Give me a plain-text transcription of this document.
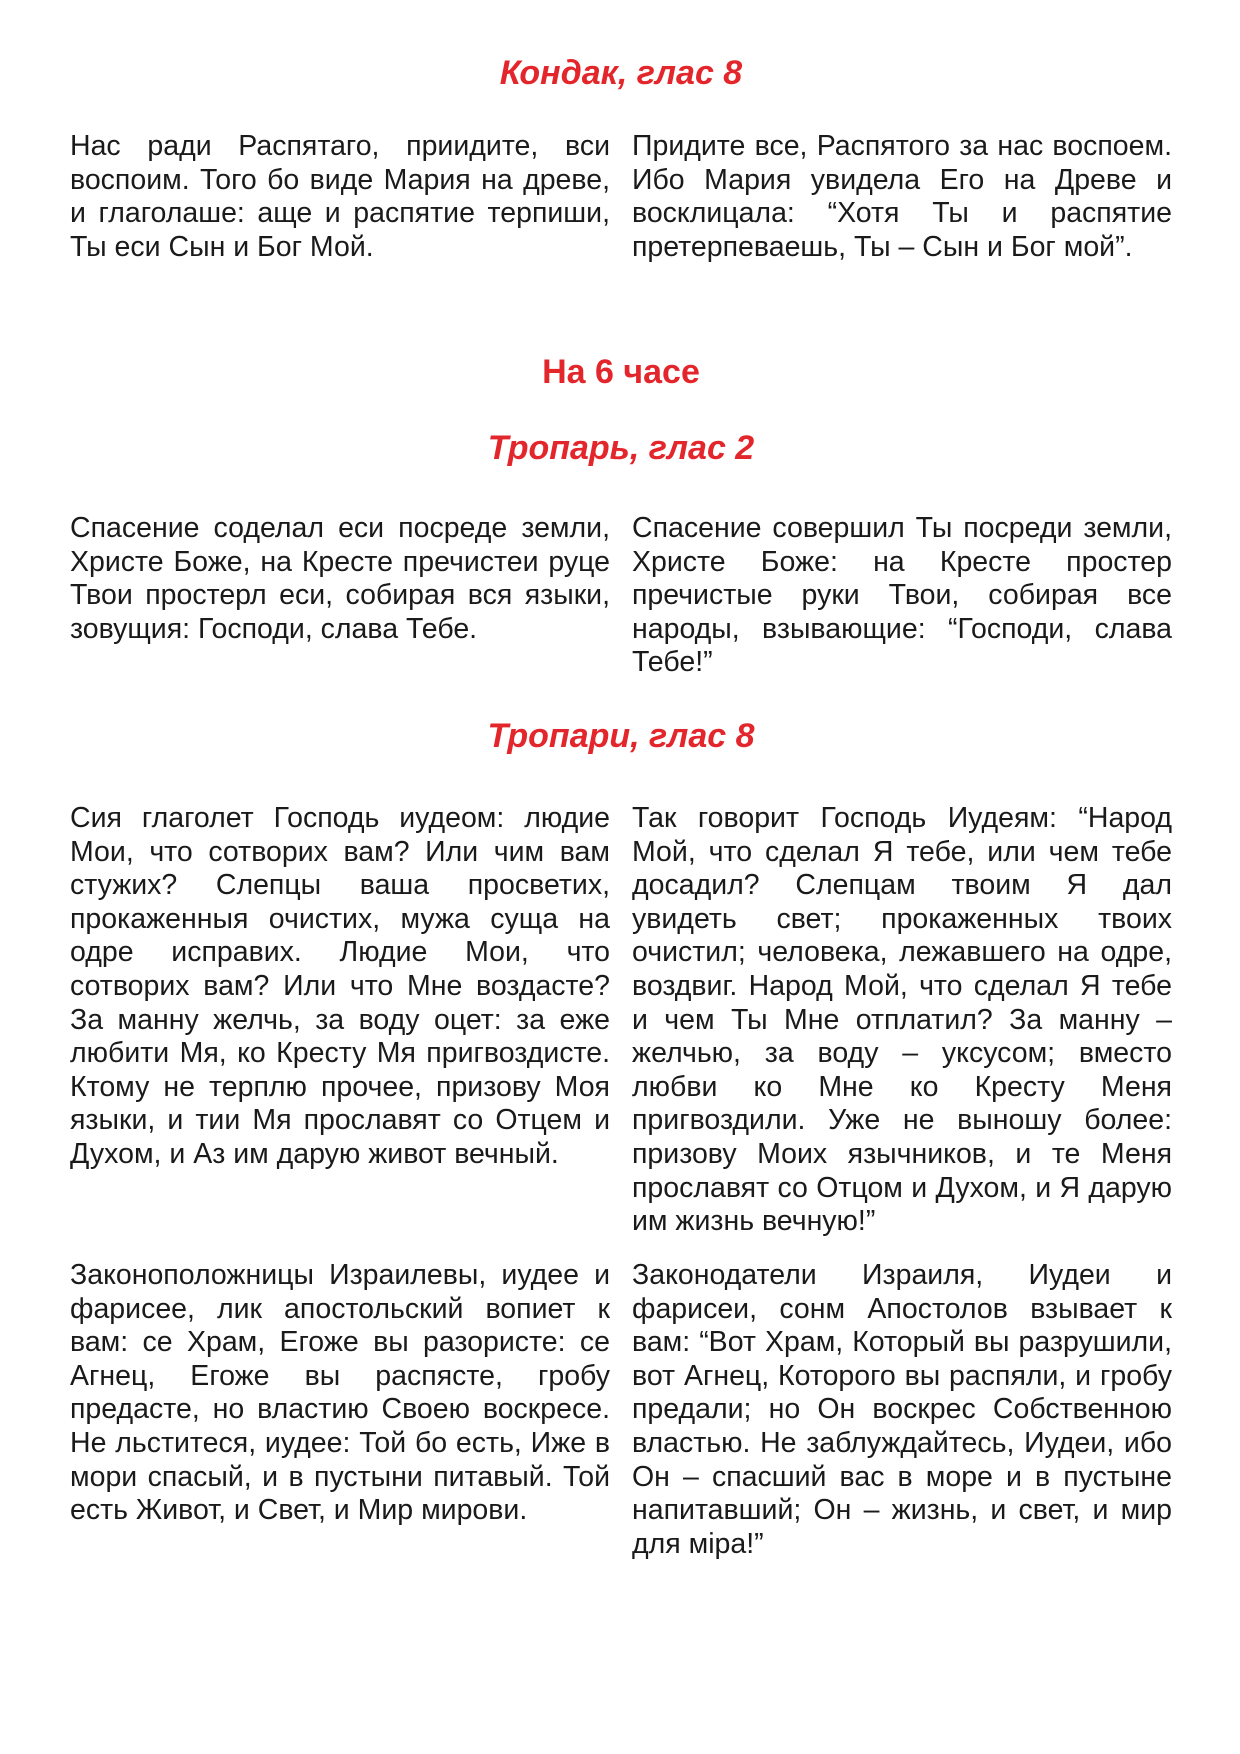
Кондак, глас 8

Нас ради Распятаго, приидите, вси воспоим. Того бо виде Мария на древе, и глаголаше: аще и распятие терпиши, Ты еси Сын и Бог Мой.

Придите все, Распятого за нас воспоем. Ибо Мария увидела Его на Древе и восклицала: “Хотя Ты и распятие претерпеваешь, Ты – Сын и Бог мой”.

На 6 часе
Тропарь, глас 2

Спасение соделал еси посреде земли, Христе Боже, на Кресте пречистеи руце Твои простерл еси, собирая вся языки, зовущия: Господи, слава Тебе.

Спасение совершил Ты посреди земли, Христе Боже: на Кресте простер пречистые руки Твои, собирая все народы, взывающие: “Господи, слава Тебе!”

Тропари, глас 8

Сия глаголет Господь иудеом: людие Мои, что сотворих вам? Или чим вам стужих? Слепцы ваша просветих, прокаженныя очистих, мужа суща на одре исправих. Людие Мои, что сотворих вам? Или что Мне воздасте? За манну желчь, за воду оцет: за еже любити Мя, ко Кресту Мя пригвоздисте. Ктому не терплю прочее, призову Моя языки, и тии Мя прославят со Отцем и Духом, и Аз им дарую живот вечный.

Так говорит Господь Иудеям: “Народ Мой, что сделал Я тебе, или чем тебе досадил? Слепцам твоим Я дал увидеть свет; прокаженных твоих очистил; человека, лежавшего на одре, воздвиг. Народ Мой, что сделал Я тебе и чем Ты Мне отплатил? За манну – желчью, за воду – уксусом; вместо любви ко Мне ко Кресту Меня пригвоздили. Уже не выношу более: призову Моих язычников, и те Меня прославят со Отцом и Духом, и Я дарую им жизнь вечную!”

Законоположницы Израилевы, иудее и фарисее, лик апостольский вопиет к вам: се Храм, Егоже вы разористе: се Агнец, Егоже вы распясте, гробу предасте, но властию Своею воскресе. Не льститеся, иудее: Той бо есть, Иже в мори спасый, и в пустыни питавый. Той есть Живот, и Свет, и Мир мирови.

Законодатели Израиля, Иудеи и фарисеи, сонм Апостолов взывает к вам: “Вот Храм, Который вы разрушили, вот Агнец, Которого вы распяли, и гробу предали; но Он воскрес Собственною властью. Не заблуждайтесь, Иудеи, ибо Он – спасший вас в море и в пустыне напитавший; Он – жизнь, и свет, и мир для міра!”
